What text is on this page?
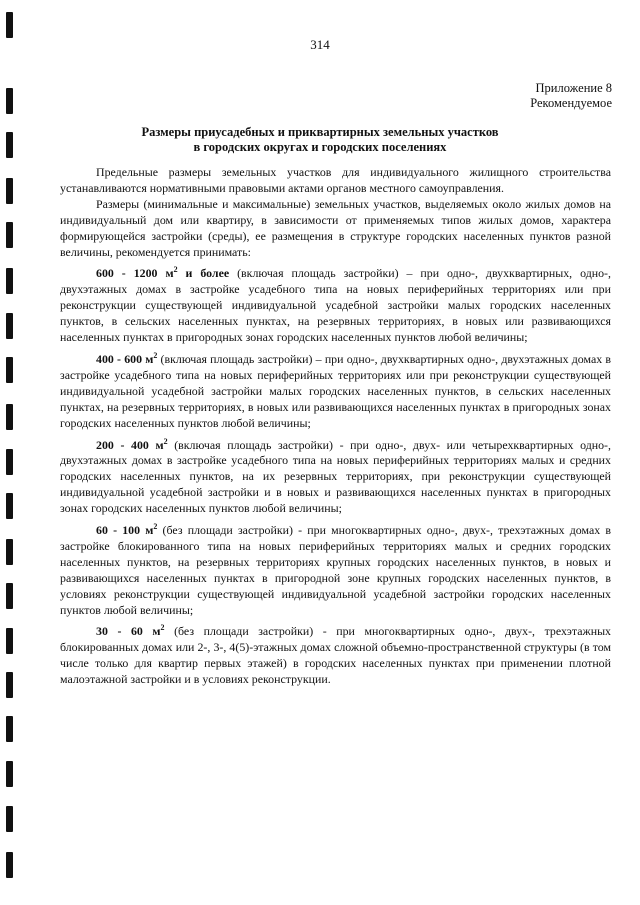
314
Приложение 8
Рекомендуемое
Размеры приусадебных и приквартирных земельных участков
в городских округах и городских поселениях

Предельные размеры земельных участков для индивидуального жилищного строительства устанавливаются нормативными правовыми актами органов местного самоуправления.

Размеры (минимальные и максимальные) земельных участков, выделяемых около жилых домов на индивидуальный дом или квартиру, в зависимости от применяемых типов жилых домов, характера формирующейся застройки (среды), ее размещения в структуре городских населенных пунктов разной величины, рекомендуется принимать:

600 - 1200 $м^2$ и более (включая площадь застройки) – при одно-, двухквартирных, одно-, двухэтажных домах в застройке усадебного типа на новых периферийных территориях или при реконструкции существующей индивидуальной усадебной застройки малых городских населенных пунктов, в сельских населенных пунктах, на резервных территориях, в новых или развивающихся населенных пунктах в пригородных зонах городских населенных пунктов любой величины;

400 - 600 $м^2$ (включая площадь застройки) – при одно-, двухквартирных одно-, двухэтажных домах в застройке усадебного типа на новых периферийных территориях или при реконструкции существующей индивидуальной усадебной застройки малых городских населенных пунктов, в сельских населенных пунктах, на резервных территориях, в новых или развивающихся населенных пунктах в пригородных зонах городских населенных пунктов любой величины;

200 - 400 $м^2$ (включая площадь застройки) - при одно-, двух- или четырехквартирных одно-, двухэтажных домах в застройке усадебного типа на новых периферийных территориях малых и средних городских населенных пунктов, на их резервных территориях, при реконструкции существующей индивидуальной усадебной застройки и в новых и развивающихся населенных пунктах в пригородных зонах городских населенных пунктов любой величины;

60 - 100 $м^2$ (без площади застройки) - при многоквартирных одно-, двух-, трехэтажных домах в застройке блокированного типа на новых периферийных территориях малых и средних городских населенных пунктов, на резервных территориях крупных городских населенных пунктов, в новых и развивающихся населенных пунктах в пригородной зоне крупных городских населенных пунктов, в условиях реконструкции существующей индивидуальной усадебной застройки городских населенных пунктов любой величины;

30 - 60 $м^2$ (без площади застройки) - при многоквартирных одно-, двух-, трехэтажных блокированных домах или 2-, 3-, 4(5)-этажных домах сложной объемно-пространственной структуры (в том числе только для квартир первых этажей) в городских населенных пунктах при применении плотной малоэтажной застройки и в условиях реконструкции.
